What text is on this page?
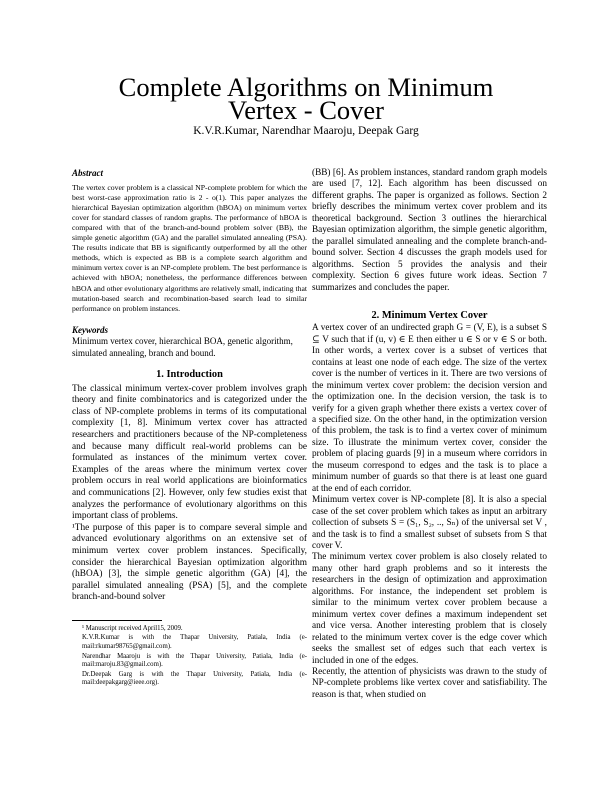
Complete Algorithms on Minimum Vertex - Cover

K.V.R.Kumar, Narendhar Maaroju, Deepak Garg

Abstract

The vertex cover problem is a classical NP-complete problem for which the best worst-case approximation ratio is 2 - o(1). This paper analyzes the hierarchical Bayesian optimization algorithm (hBOA) on minimum vertex cover for standard classes of random graphs. The performance of hBOA is compared with that of the branch-and-bound problem solver (BB), the simple genetic algorithm (GA) and the parallel simulated annealing (PSA). The results indicate that BB is significantly outperformed by all the other methods, which is expected as BB is a complete search algorithm and minimum vertex cover is an NP-complete problem. The best performance is achieved with hBOA; nonetheless, the performance differences between hBOA and other evolutionary algorithms are relatively small, indicating that mutation-based search and recombination-based search lead to similar performance on problem instances.

Keywords

Minimum vertex cover, hierarchical BOA, genetic algorithm, simulated annealing, branch and bound.

1. Introduction

The classical minimum vertex-cover problem involves graph theory and finite combinatorics and is categorized under the class of NP-complete problems in terms of its computational complexity [1, 8]. Minimum vertex cover has attracted researchers and practitioners because of the NP-completeness and because many difficult real-world problems can be formulated as instances of the minimum vertex cover. Examples of the areas where the minimum vertex cover problem occurs in real world applications are bioinformatics and communications [2]. However, only few studies exist that analyzes the performance of evolutionary algorithms on this important class of problems.

¹The purpose of this paper is to compare several simple and advanced evolutionary algorithms on an extensive set of minimum vertex cover problem instances. Specifically, consider the hierarchical Bayesian optimization algorithm (hBOA) [3], the simple genetic algorithm (GA) [4], the parallel simulated annealing (PSA) [5], and the complete branch-and-bound solver

¹ Manuscript received April15, 2009.

K.V.R.Kumar is with the Thapar University, Patiala, India (e-mail:rkumar98765@gmail.com).

Narendhar Maaroju is with the Thapar University, Patiala, India (e-mail:maroju.83@gmail.com).

Dr.Deepak Garg is with the Thapar University, Patiala, India (e-mail:deepakgarg@ieee.org).

(BB) [6]. As problem instances, standard random graph models are used [7, 12]. Each algorithm has been discussed on different graphs. The paper is organized as follows. Section 2 briefly describes the minimum vertex cover problem and its theoretical background. Section 3 outlines the hierarchical Bayesian optimization algorithm, the simple genetic algorithm, the parallel simulated annealing and the complete branch-and-bound solver. Section 4 discusses the graph models used for algorithms. Section 5 provides the analysis and their complexity. Section 6 gives future work ideas. Section 7 summarizes and concludes the paper.

2. Minimum Vertex Cover

A vertex cover of an undirected graph G = (V, E), is a subset S ⊆ V such that if (u, v) ∈ E then either u ∈ S or v ∈ S or both. In other words, a vertex cover is a subset of vertices that contains at least one node of each edge. The size of the vertex cover is the number of vertices in it. There are two versions of the minimum vertex cover problem: the decision version and the optimization one. In the decision version, the task is to verify for a given graph whether there exists a vertex cover of a specified size. On the other hand, in the optimization version of this problem, the task is to find a vertex cover of minimum size. To illustrate the minimum vertex cover, consider the problem of placing guards [9] in a museum where corridors in the museum correspond to edges and the task is to place a minimum number of guards so that there is at least one guard at the end of each corridor.

Minimum vertex cover is NP-complete [8]. It is also a special case of the set cover problem which takes as input an arbitrary collection of subsets S = (S₁, S₂, .., Sₙ) of the universal set V , and the task is to find a smallest subset of subsets from S that cover V.

The minimum vertex cover problem is also closely related to many other hard graph problems and so it interests the researchers in the design of optimization and approximation algorithms. For instance, the independent set problem is similar to the minimum vertex cover problem because a minimum vertex cover defines a maximum independent set and vice versa. Another interesting problem that is closely related to the minimum vertex cover is the edge cover which seeks the smallest set of edges such that each vertex is included in one of the edges.

Recently, the attention of physicists was drawn to the study of NP-complete problems like vertex cover and satisfiability. The reason is that, when studied on
